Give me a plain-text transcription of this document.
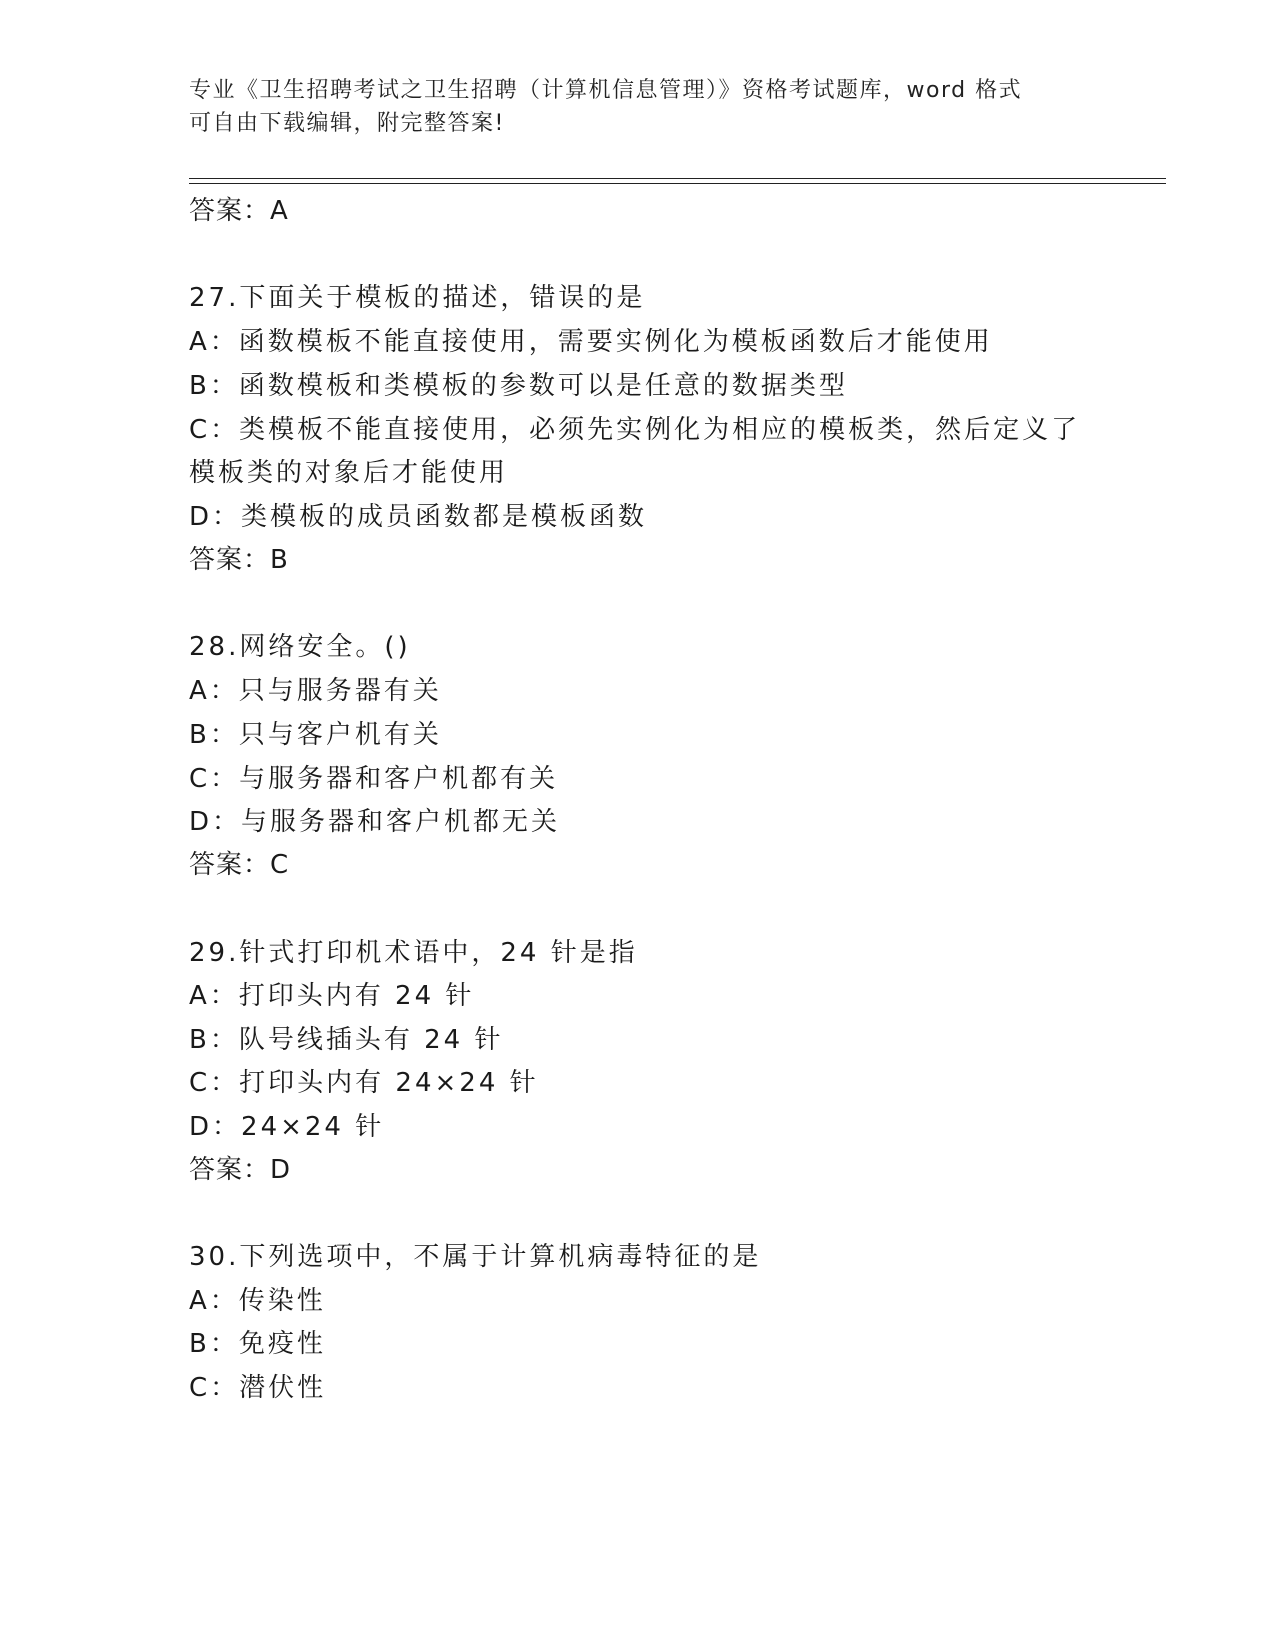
专业《卫生招聘考试之卫生招聘（计算机信息管理）》资格考试题库，word 格式
可自由下载编辑，附完整答案!
答案：A
27.下面关于模板的描述，错误的是
A：函数模板不能直接使用，需要实例化为模板函数后才能使用
B：函数模板和类模板的参数可以是任意的数据类型
C：类模板不能直接使用，必须先实例化为相应的模板类，然后定义了
模板类的对象后才能使用
D：类模板的成员函数都是模板函数
答案：B
28.网络安全。()
A：只与服务器有关
B：只与客户机有关
C：与服务器和客户机都有关
D：与服务器和客户机都无关
答案：C
29.针式打印机术语中，24 针是指
A：打印头内有 24 针
B：队号线插头有 24 针
C：打印头内有 24×24 针
D：24×24 针
答案：D
30.下列选项中，不属于计算机病毒特征的是
A：传染性
B：免疫性
C：潜伏性
